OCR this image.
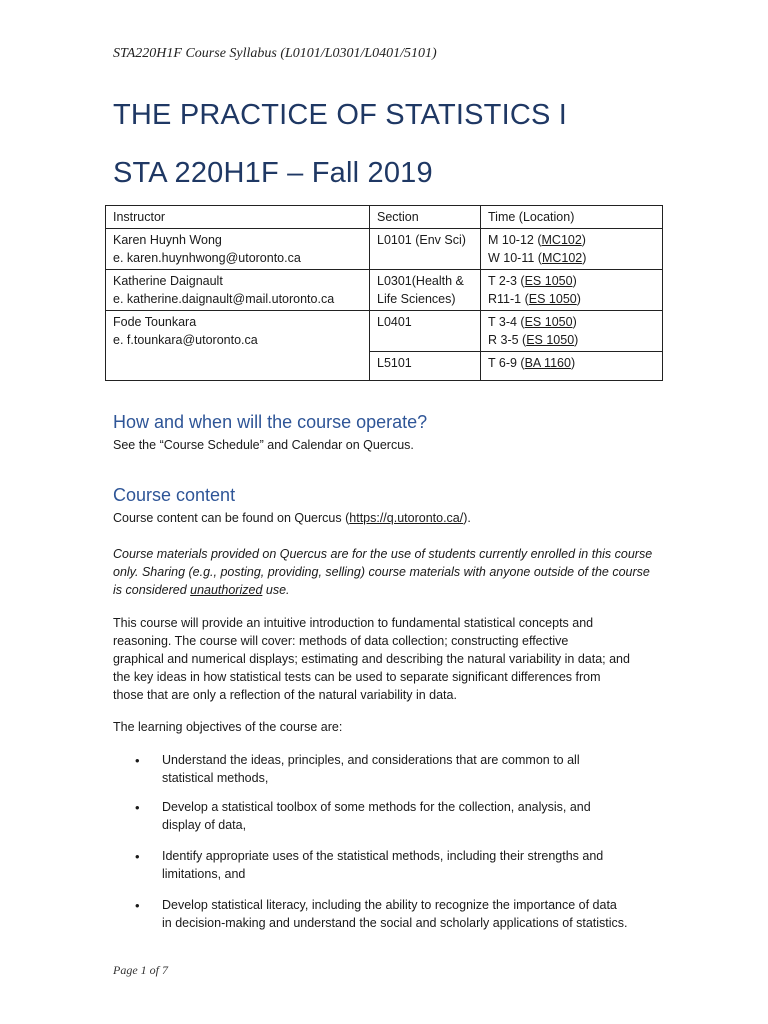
STA220H1F Course Syllabus (L0101/L0301/L0401/5101)
THE PRACTICE OF STATISTICS I
STA 220H1F – Fall 2019
Instructor	Section	Time (Location)

Karen Huynh Wong
e. karen.huynhwong@utoronto.ca	L0101 (Env Sci)	M 10-12 (MC102)
W 10-11 (MC102)

Katherine Daignault
e. katherine.daignault@mail.utoronto.ca	L0301(Health &
Life Sciences)	T 2-3 (ES 1050)
R11-1 (ES 1050)

Fode Tounkara
e. f.tounkara@utoronto.ca	L0401	T 3-4 (ES 1050)
R 3-5 (ES 1050)

	L5101	T 6-9 (BA 1160)
How and when will the course operate?
See the “Course Schedule” and Calendar on Quercus.
Course content
Course content can be found on Quercus (https://q.utoronto.ca/).
Course materials provided on Quercus are for the use of students currently enrolled in this course
only. Sharing (e.g., posting, providing, selling) course materials with anyone outside of the course
is considered unauthorized use.
This course will provide an intuitive introduction to fundamental statistical concepts and
reasoning. The course will cover: methods of data collection; constructing effective
graphical and numerical displays; estimating and describing the natural variability in data; and
the key ideas in how statistical tests can be used to separate significant differences from
those that are only a reflection of the natural variability in data.
The learning objectives of the course are:
• Understand the ideas, principles, and considerations that are common to all
statistical methods,
• Develop a statistical toolbox of some methods for the collection, analysis, and
display of data,
• Identify appropriate uses of the statistical methods, including their strengths and
limitations, and
• Develop statistical literacy, including the ability to recognize the importance of data
in decision-making and understand the social and scholarly applications of statistics.
Page 1 of 7
